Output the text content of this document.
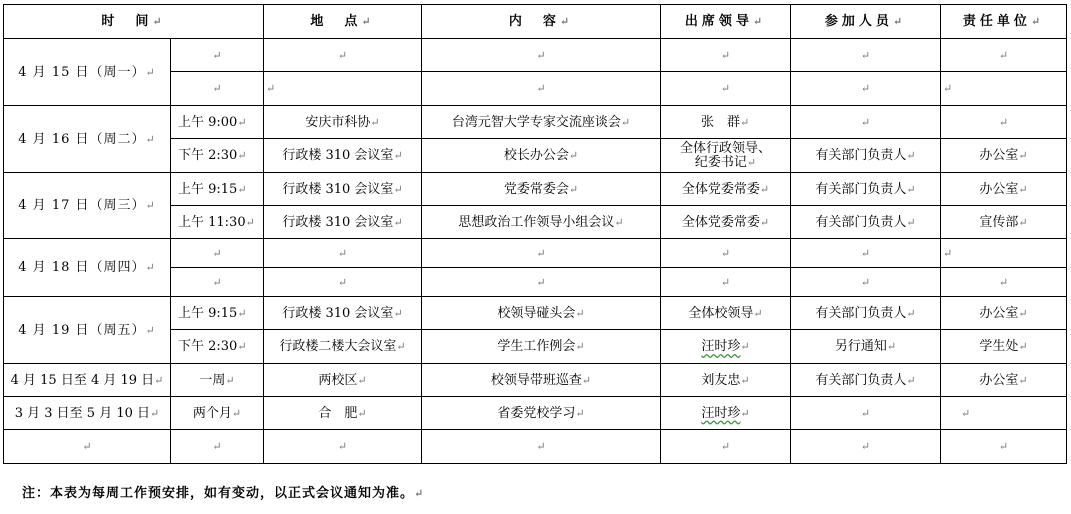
时　间↵		地　点↵	内　容↵	出席领导↵	参加人员↵	责任单位↵
4 月 15 日（周一）↵	↵	↵	↵	↵	↵	↵
	↵	↵	↵	↵	↵	↵
4 月 16 日（周二）↵	上午 9:00↵	安庆市科协↵	台湾元智大学专家交流座谈会↵	张　群↵	↵	↵
	下午 2:30↵	行政楼 310 会议室↵	校长办公会↵	全体行政领导、
纪委书记↵	有关部门负责人↵	办公室↵
4 月 17 日（周三）↵	上午 9:15↵	行政楼 310 会议室↵	党委常委会↵	全体党委常委↵	有关部门负责人↵	办公室↵
	上午 11:30↵	行政楼 310 会议室↵	思想政治工作领导小组会议↵	全体党委常委↵	有关部门负责人↵	宣传部↵
4 月 18 日（周四）↵	↵	↵	↵	↵	↵	↵
	↵	↵	↵	↵	↵	↵
4 月 19 日（周五）↵	上午 9:15↵	行政楼 310 会议室↵	校领导碰头会↵	全体校领导↵	有关部门负责人↵	办公室↵
	下午 2:30↵	行政楼二楼大会议室↵	学生工作例会↵	汪时珍↵	另行通知↵	学生处↵
4 月 15 日至 4 月 19 日↵	一周↵	两校区↵	校领导带班巡查↵	刘友忠↵	有关部门负责人↵	办公室↵
3 月 3 日至 5 月 10 日↵	两个月↵	合　肥↵	省委党校学习↵	汪时珍↵	↵	↵
↵	↵	↵	↵	↵	↵	↵
注：本表为每周工作预安排，如有变动，以正式会议通知为准。↵
